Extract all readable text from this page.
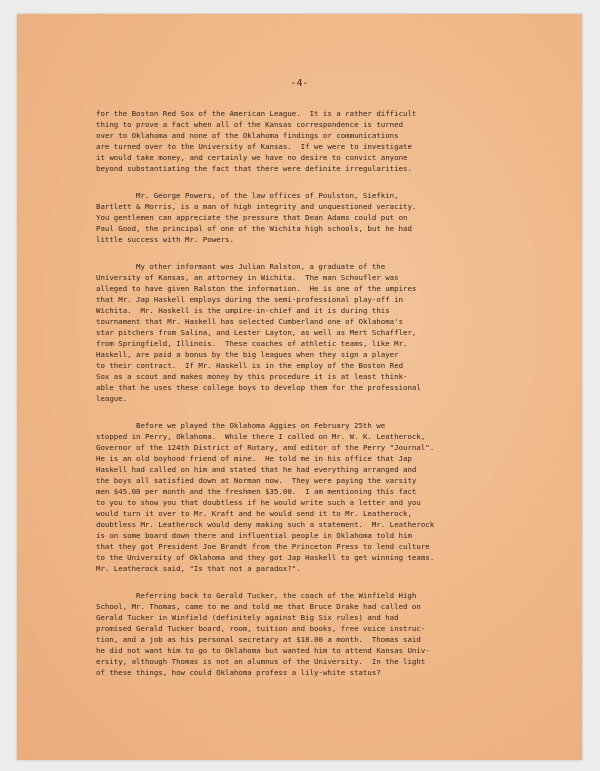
-4-
for the Boston Red Sox of the American League.  It is a rather difficult
thing to prove a fact when all of the Kansas correspondence is turned
over to Oklahoma and none of the Oklahoma findings or communications
are turned over to the University of Kansas.  If we were to investigate
it would take money, and certainly we have no desire to convict anyone
beyond substantiating the fact that there were definite irregularities.
Mr. George Powers, of the law offices of Poulston, Siefkin,
Bartlett & Morris, is a man of high integrity and unquestioned veracity.
You gentlemen can appreciate the pressure that Dean Adams could put on
Paul Good, the principal of one of the Wichita high schools, but he had
little success with Mr. Powers.
My other informant was Julian Ralston, a graduate of the
University of Kansas, an attorney in Wichita.  The man Schoufler was
alleged to have given Ralston the information.  He is one of the umpires
that Mr. Jap Haskell employs during the semi-professional play-off in
Wichita.  Mr. Haskell is the umpire-in-chief and it is during this
tournament that Mr. Haskell has selected Cumberland one of Oklahoma's
star pitchers from Salina, and Lester Layton, as well as Mert Schaffler,
from Springfield, Illinois.  These coaches of athletic teams, like Mr.
Haskell, are paid a bonus by the big leagues when they sign a player
to their contract.  If Mr. Haskell is in the employ of the Boston Red
Sox as a scout and makes money by this procedure it is at least think-
able that he uses these college boys to develop them for the professional
league.
Before we played the Oklahoma Aggies on February 25th we
stopped in Perry, Oklahoma.  While there I called on Mr. W. K. Leatherock,
Governor of the 124th District of Rotary, and editor of the Perry "Journal".
He is an old boyhood friend of mine.  He told me in his office that Jap
Haskell had called on him and stated that he had everything arranged and
the boys all satisfied down at Norman now.  They were paying the varsity
men $45.00 per month and the freshmen $35.00.  I am mentioning this fact
to you to show you that doubtless if he would write such a letter and you
would turn it over to Mr. Kraft and he would send it to Mr. Leatherock,
doubtless Mr. Leatherock would deny making such a statement.  Mr. Leatherock
is on some board down there and influential people in Oklahoma told him
that they got President Joe Brandt from the Princeton Press to lend culture
to the University of Oklahoma and they got Jap Haskell to get winning teams.
Mr. Leatherock said, "Is that not a paradox?".
Referring back to Gerald Tucker, the coach of the Winfield High
School, Mr. Thomas, came to me and told me that Bruce Drake had called on
Gerald Tucker in Winfield (definitely against Big Six rules) and had
promised Gerald Tucker board, room, tuition and books, free voice instruc-
tion, and a job as his personal secretary at $18.00 a month.  Thomas said
he did not want him to go to Oklahoma but wanted him to attend Kansas Univ-
ersity, although Thomas is not an alumnus of the University.  In the light
of these things, how could Oklahoma profess a lily-white status?
